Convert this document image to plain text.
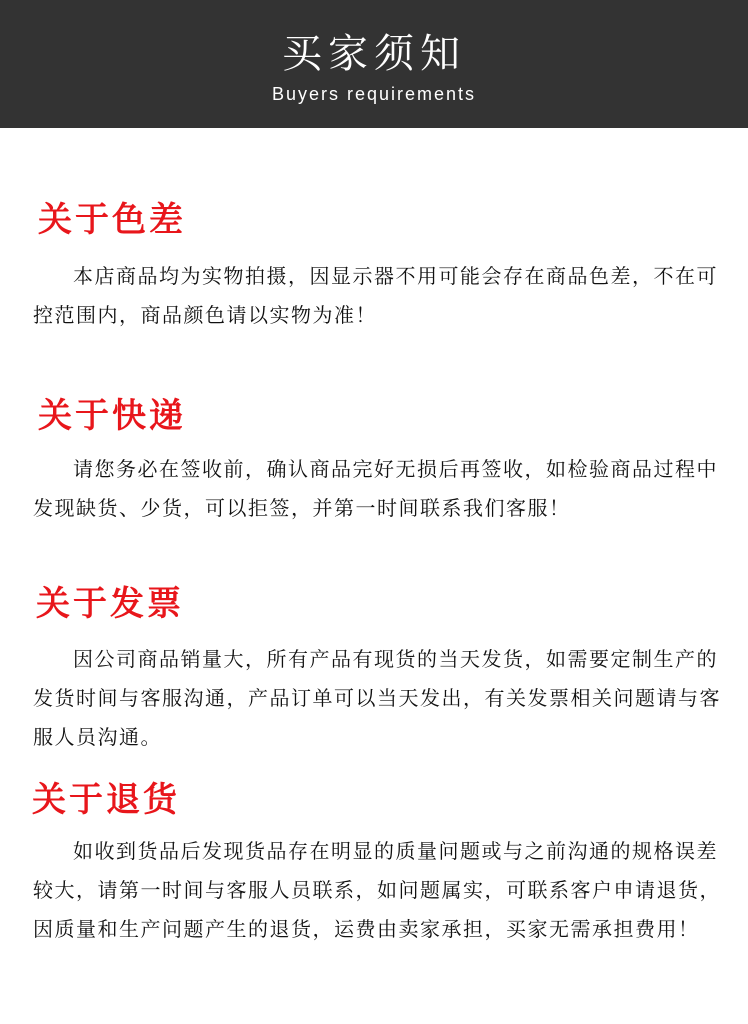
买家须知
Buyers requirements
关于色差

本店商品均为实物拍摄，因显示器不用可能会存在商品色差，不在可控范围内，商品颜色请以实物为准！

关于快递

请您务必在签收前，确认商品完好无损后再签收，如检验商品过程中发现缺货、少货，可以拒签，并第一时间联系我们客服！

关于发票

因公司商品销量大，所有产品有现货的当天发货，如需要定制生产的发货时间与客服沟通，产品订单可以当天发出，有关发票相关问题请与客服人员沟通。

关于退货

如收到货品后发现货品存在明显的质量问题或与之前沟通的规格误差较大，请第一时间与客服人员联系，如问题属实，可联系客户申请退货，因质量和生产问题产生的退货，运费由卖家承担，买家无需承担费用！
